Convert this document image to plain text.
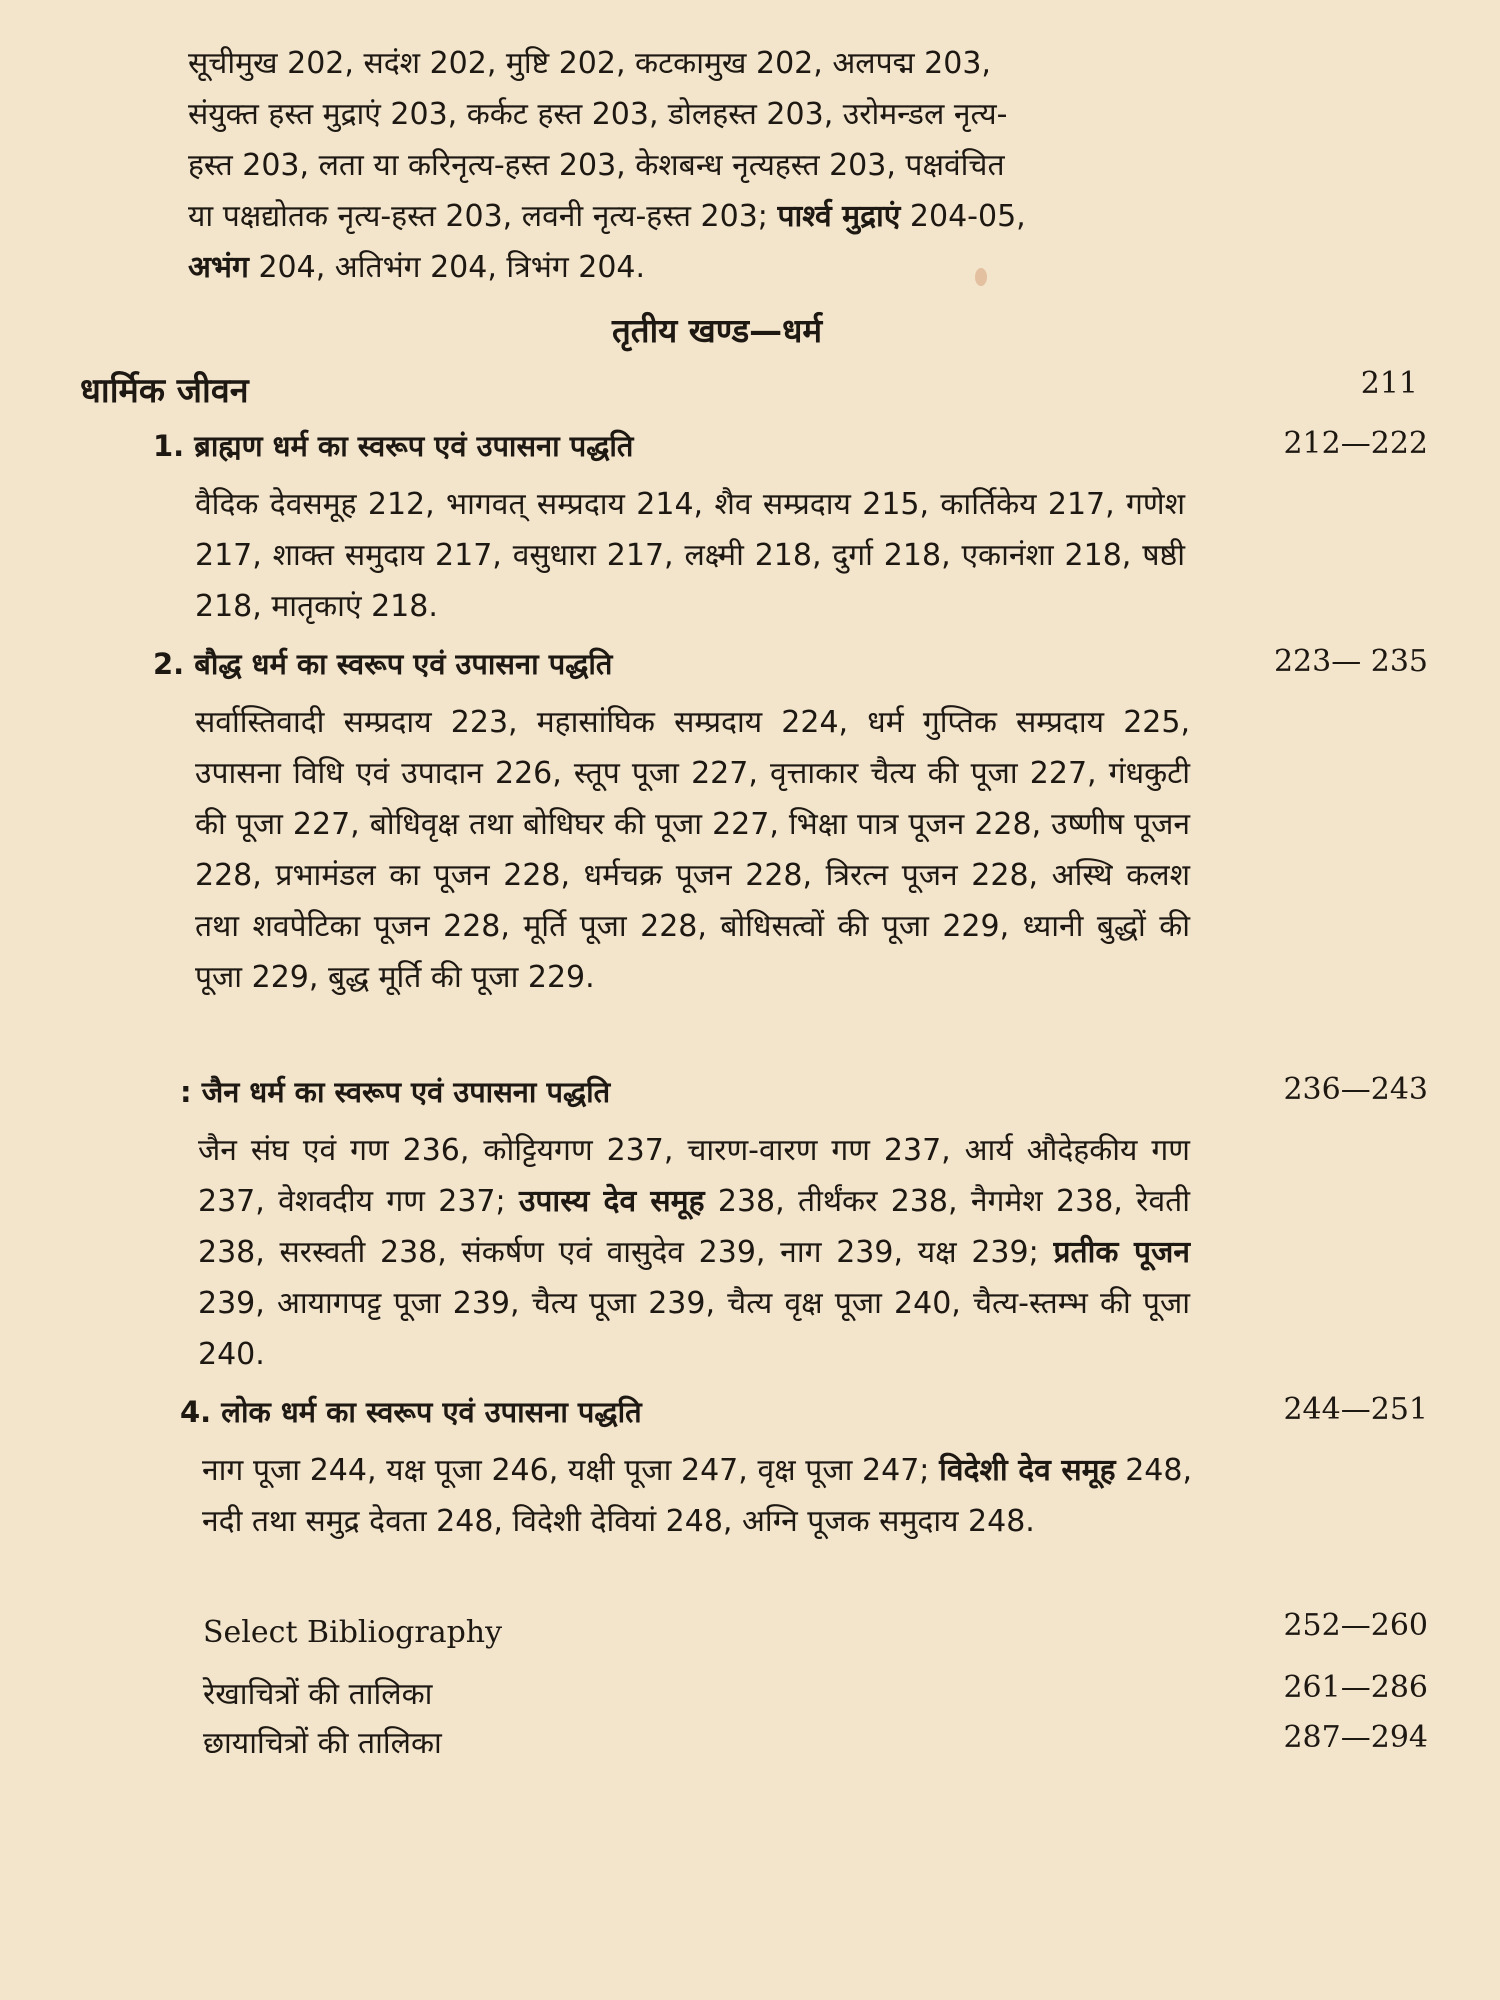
सूचीमुख 202, सदंश 202, मुष्टि 202, कटकामुख 202, अलपद्म 203,
संयुक्त हस्त मुद्राएं 203, कर्कट हस्त 203, डोलहस्त 203, उरोमन्डल नृत्य-
हस्त 203, लता या करिनृत्य-हस्त 203, केशबन्ध नृत्यहस्त 203, पक्षवंचित
या पक्षद्योतक नृत्य-हस्त 203, लवनी नृत्य-हस्त 203; पार्श्व मुद्राएं 204-05,
अभंग 204, अतिभंग 204, त्रिभंग 204.
तृतीय खण्ड—धर्म
धार्मिक जीवन	211
1. ब्राह्मण धर्म का स्वरूप एवं उपासना पद्धति	212—222
वैदिक देवसमूह 212, भागवत् सम्प्रदाय 214, शैव सम्प्रदाय 215, कार्तिकेय 217, गणेश 217, शाक्त समुदाय 217, वसुधारा 217, लक्ष्मी 218, दुर्गा 218, एकानंशा 218, षष्ठी 218, मातृकाएं 218.
2. बौद्ध धर्म का स्वरूप एवं उपासना पद्धति	223— 235
सर्वास्तिवादी सम्प्रदाय 223, महासांघिक सम्प्रदाय 224, धर्म गुप्तिक सम्प्रदाय 225, उपासना विधि एवं उपादान 226, स्तूप पूजा 227, वृत्ताकार चैत्य की पूजा 227, गंधकुटी की पूजा 227, बोधिवृक्ष तथा बोधिघर की पूजा 227, भिक्षा पात्र पूजन 228, उष्णीष पूजन 228, प्रभामंडल का पूजन 228, धर्मचक्र पूजन 228, त्रिरत्न पूजन 228, अस्थि कलश तथा शवपेटिका पूजन 228, मूर्ति पूजा 228, बोधिसत्वों की पूजा 229, ध्यानी बुद्धों की पूजा 229, बुद्ध मूर्ति की पूजा 229.
: जैन धर्म का स्वरूप एवं उपासना पद्धति	236—243
जैन संघ एवं गण 236, कोट्टियगण 237, चारण-वारण गण 237, आर्य औदेहकीय गण 237, वेशवदीय गण 237; उपास्य देव समूह 238, तीर्थंकर 238, नैगमेश 238, रेवती 238, सरस्वती 238, संकर्षण एवं वासुदेव 239, नाग 239, यक्ष 239; प्रतीक पूजन 239, आयागपट्ट पूजा 239, चैत्य पूजा 239, चैत्य वृक्ष पूजा 240, चैत्य-स्तम्भ की पूजा 240.
4. लोक धर्म का स्वरूप एवं उपासना पद्धति	244—251
नाग पूजा 244, यक्ष पूजा 246, यक्षी पूजा 247, वृक्ष पूजा 247; विदेशी देव समूह 248, नदी तथा समुद्र देवता 248, विदेशी देवियां 248, अग्नि पूजक समुदाय 248.
Select Bibliography	252—260
रेखाचित्रों की तालिका	261—286
छायाचित्रों की तालिका	287—294
